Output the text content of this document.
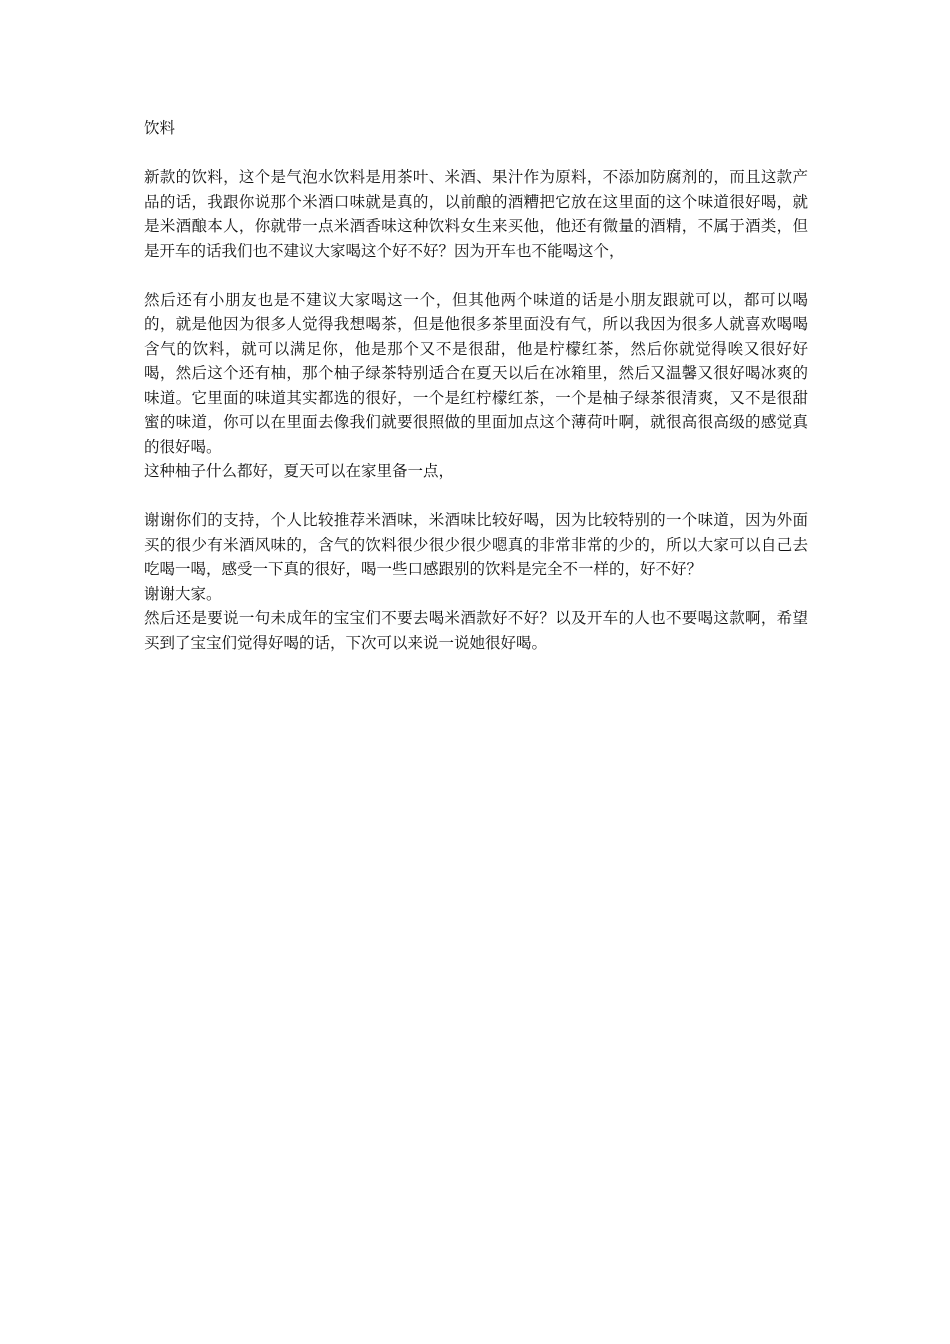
饮料

新款的饮料，这个是气泡水饮料是用茶叶、米酒、果汁作为原料，不添加防腐剂的，而且这款产品的话，我跟你说那个米酒口味就是真的，以前酿的酒糟把它放在这里面的这个味道很好喝，就是米酒酿本人，你就带一点米酒香味这种饮料女生来买他，他还有微量的酒精，不属于酒类，但是开车的话我们也不建议大家喝这个好不好？因为开车也不能喝这个，

然后还有小朋友也是不建议大家喝这一个，但其他两个味道的话是小朋友跟就可以，都可以喝的，就是他因为很多人觉得我想喝茶，但是他很多茶里面没有气，所以我因为很多人就喜欢喝喝含气的饮料，就可以满足你，他是那个又不是很甜，他是柠檬红茶，然后你就觉得唉又很好好喝，然后这个还有柚，那个柚子绿茶特别适合在夏天以后在冰箱里，然后又温馨又很好喝冰爽的味道。它里面的味道其实都选的很好，一个是红柠檬红茶，一个是柚子绿茶很清爽，又不是很甜蜜的味道，你可以在里面去像我们就要很照做的里面加点这个薄荷叶啊，就很高很高级的感觉真的很好喝。

这种柚子什么都好，夏天可以在家里备一点，

谢谢你们的支持，个人比较推荐米酒味，米酒味比较好喝，因为比较特别的一个味道，因为外面买的很少有米酒风味的，含气的饮料很少很少很少嗯真的非常非常的少的，所以大家可以自己去吃喝一喝，感受一下真的很好，喝一些口感跟别的饮料是完全不一样的，好不好？

谢谢大家。

然后还是要说一句未成年的宝宝们不要去喝米酒款好不好？以及开车的人也不要喝这款啊，希望买到了宝宝们觉得好喝的话，下次可以来说一说她很好喝。
